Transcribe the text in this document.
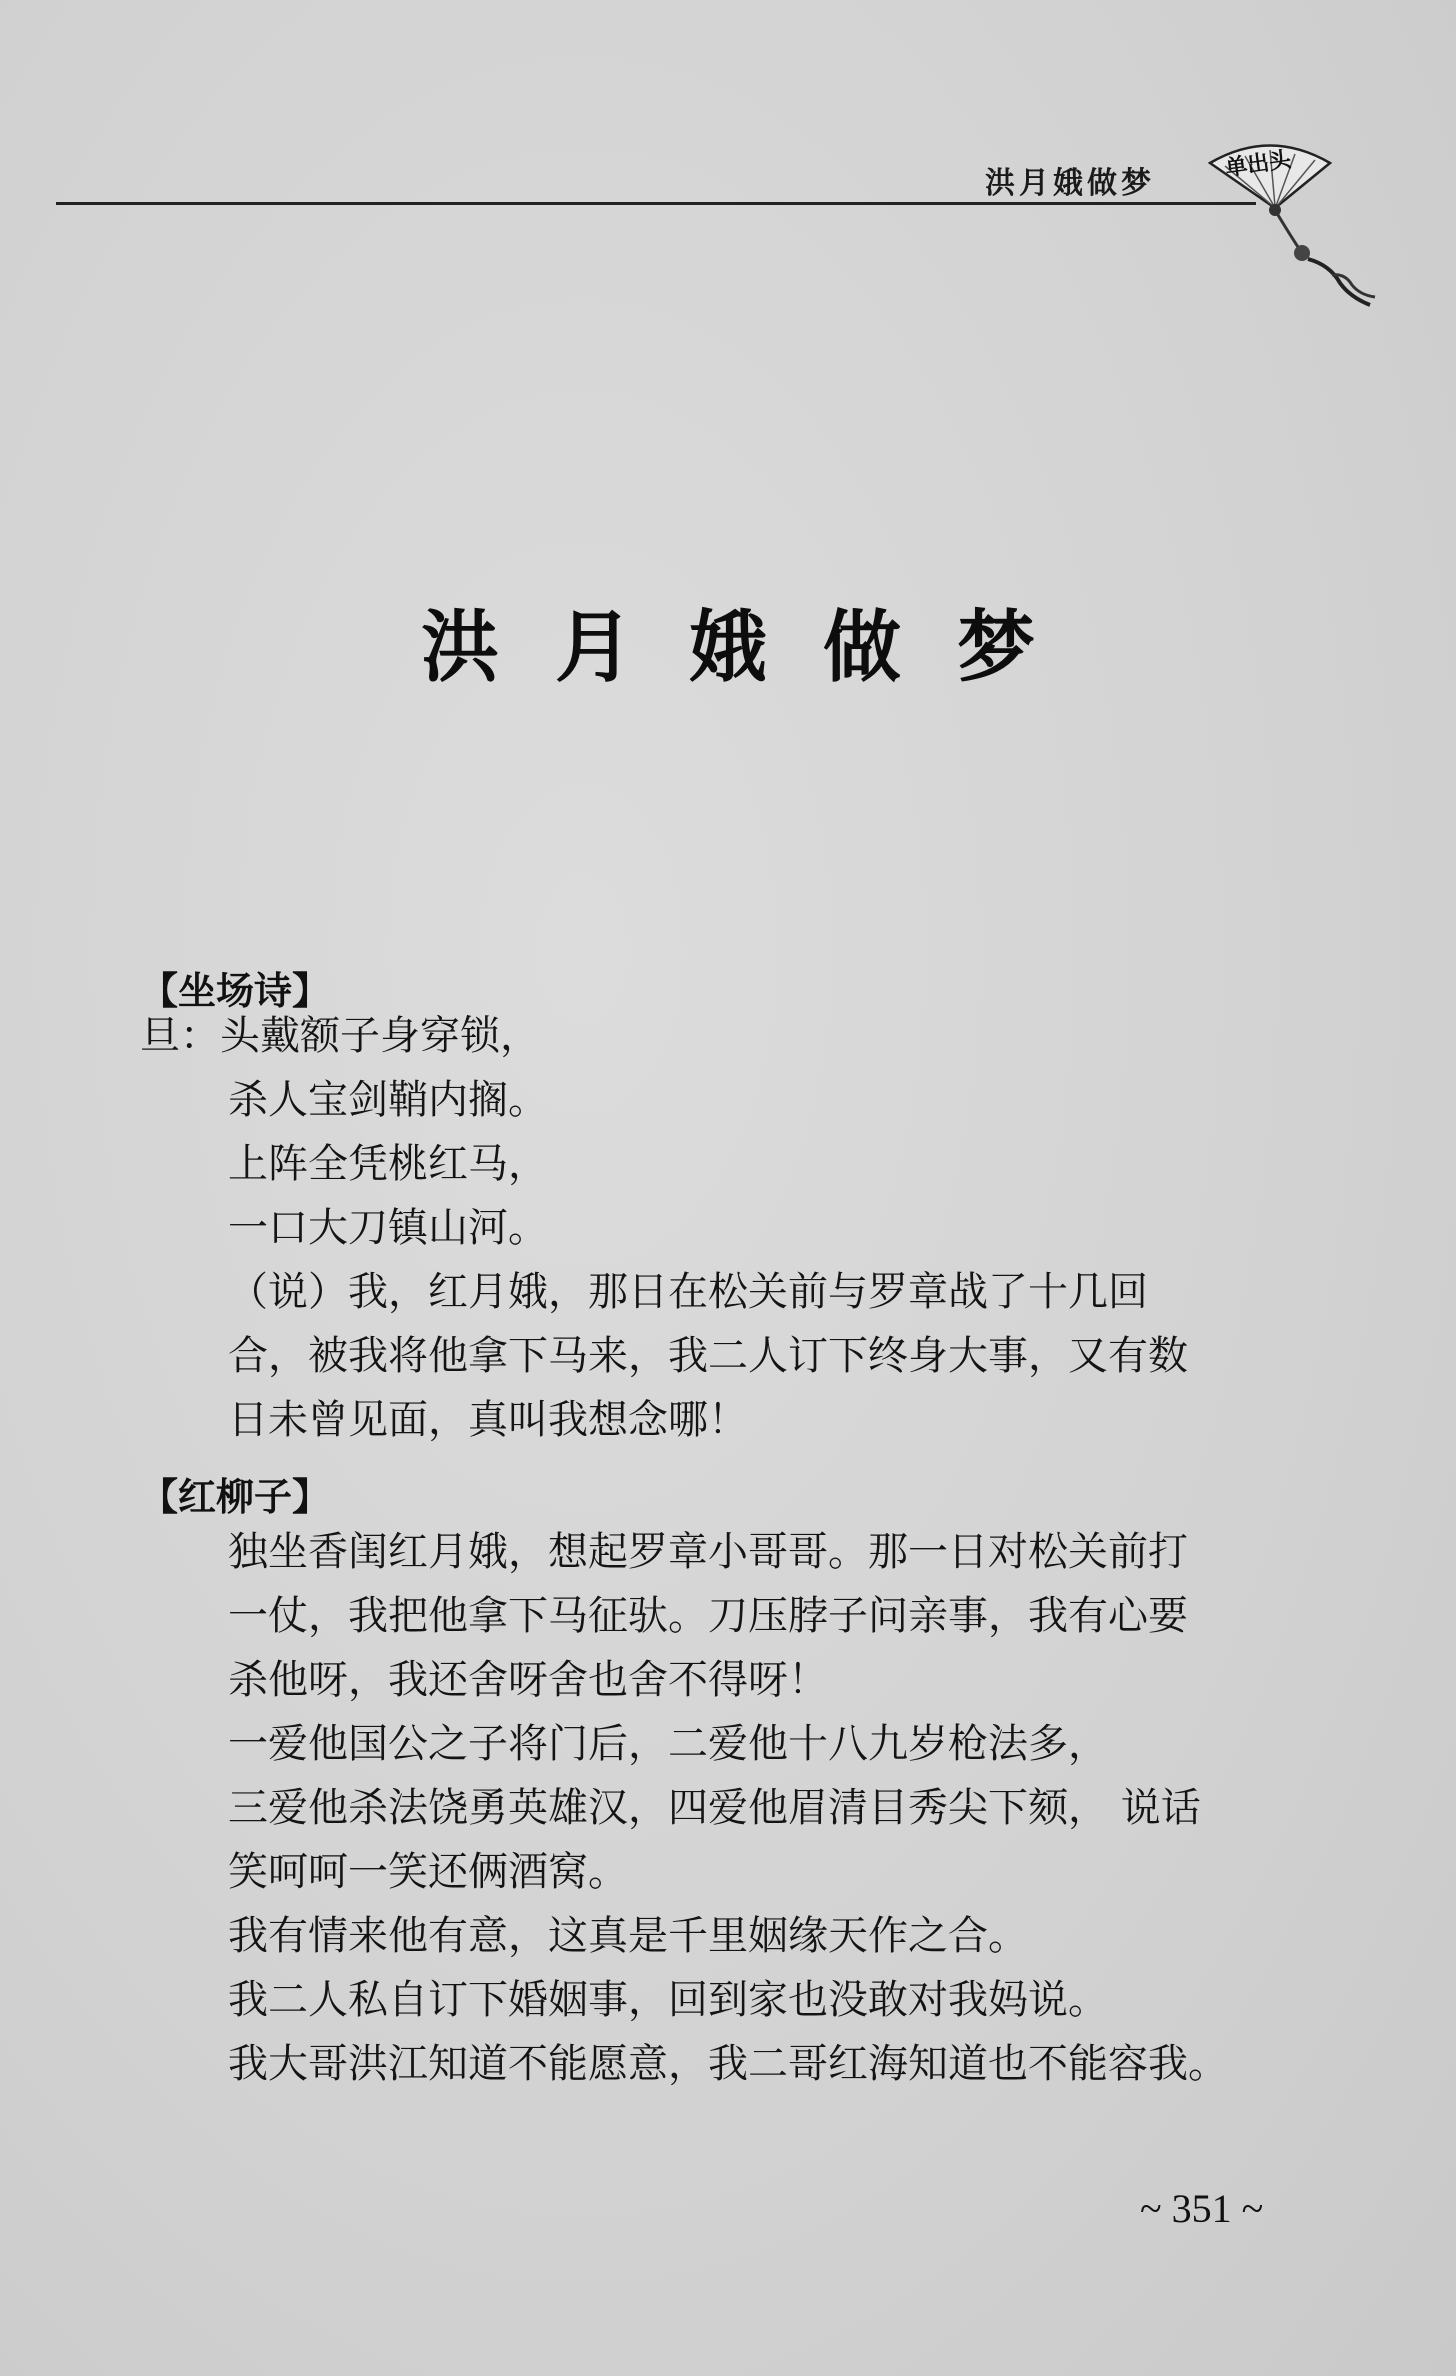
洪月娥做梦
单出头
洪月娥做梦
【坐场诗】
旦：头戴额子身穿锁，
杀人宝剑鞘内搁。
上阵全凭桃红马，
一口大刀镇山河。
（说）我，红月娥，那日在松关前与罗章战了十几回
合，被我将他拿下马来，我二人订下终身大事，又有数
日未曾见面，真叫我想念哪！
【红柳子】
独坐香闺红月娥，想起罗章小哥哥。那一日对松关前打
一仗，我把他拿下马征驮。刀压脖子问亲事，我有心要
杀他呀，我还舍呀舍也舍不得呀！
一爱他国公之子将门后，二爱他十八九岁枪法多，
三爱他杀法饶勇英雄汉，四爱他眉清目秀尖下颏， 说话
笑呵呵一笑还俩酒窝。
我有情来他有意，这真是千里姻缘天作之合。
我二人私自订下婚姻事，回到家也没敢对我妈说。
我大哥洪江知道不能愿意，我二哥红海知道也不能容我。
~ 351 ~
